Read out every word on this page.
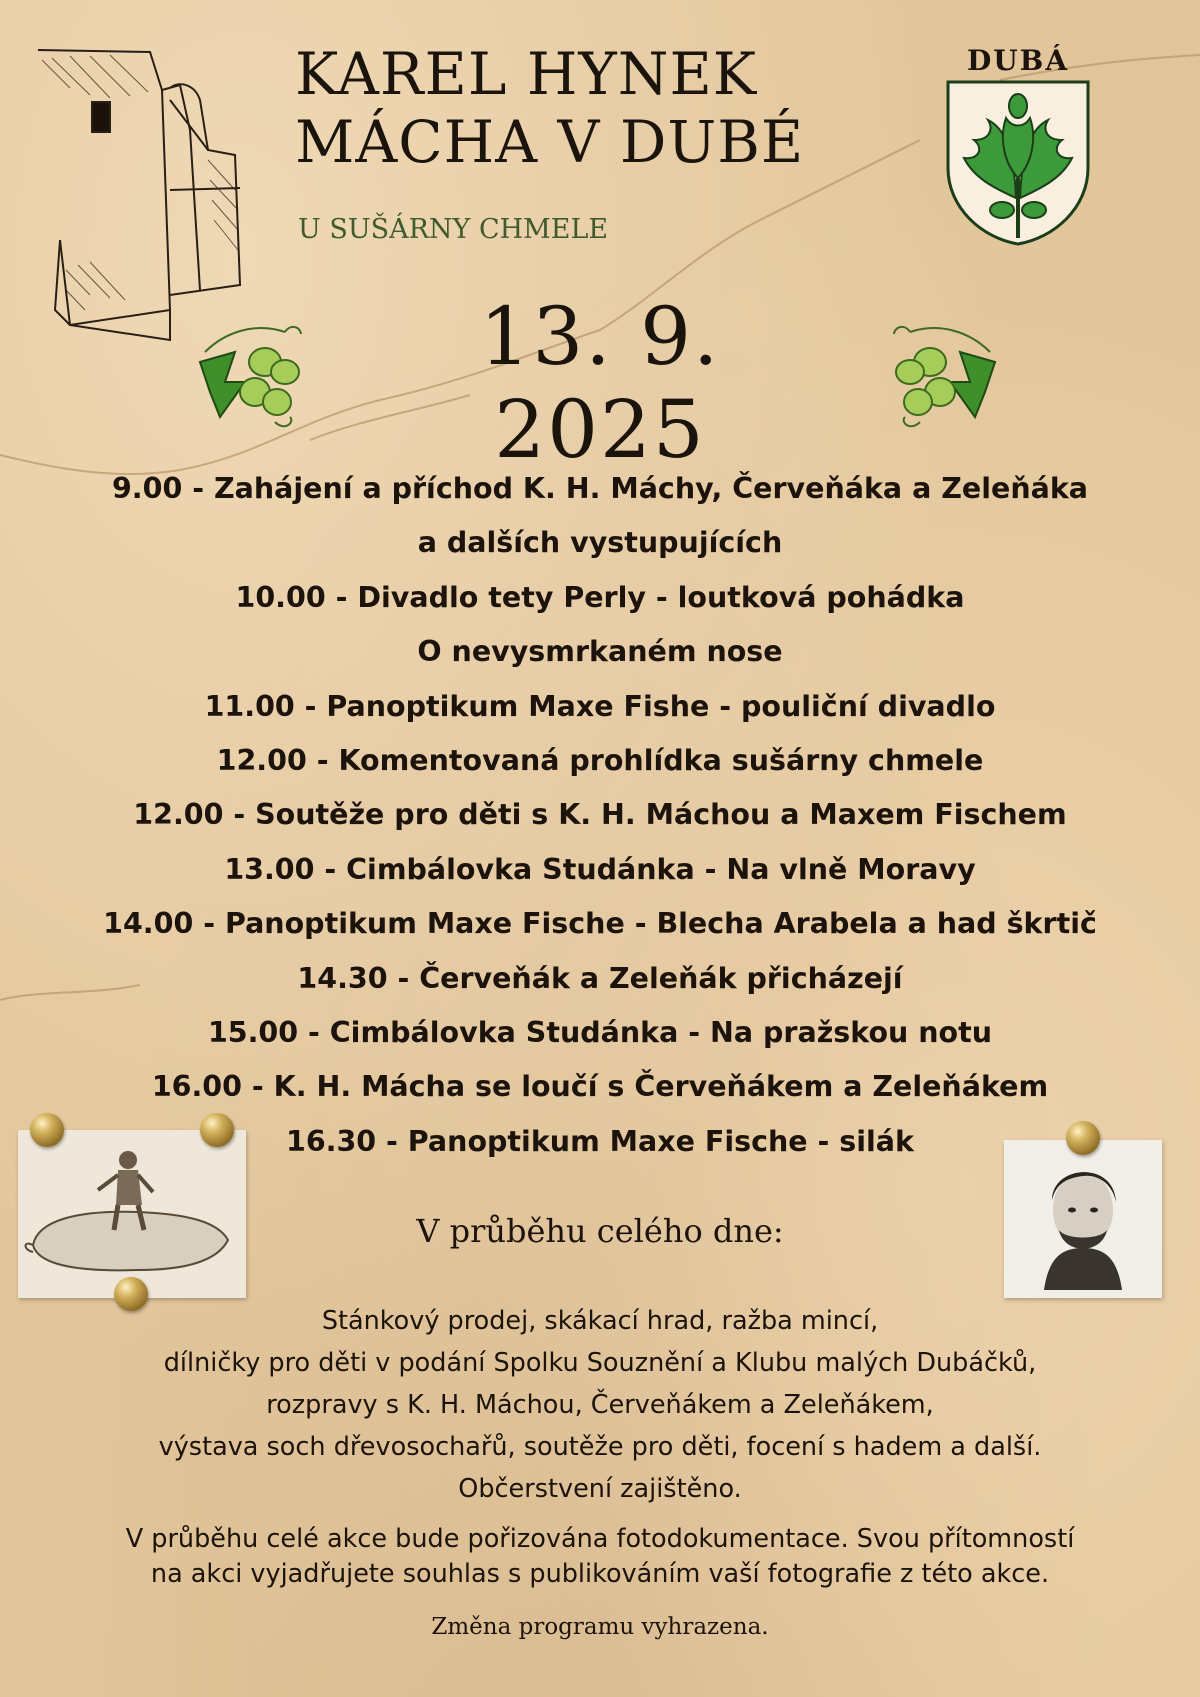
KAREL HYNEK
MÁCHA V DUBÉ
U SUŠÁRNY CHMELE
DUBÁ
13. 9. 2025
9.00 - Zahájení a příchod K. H. Máchy, Červeňáka a Zeleňáka
a dalších vystupujících
10.00 - Divadlo tety Perly - loutková pohádka
O nevysmrkaném nose
11.00 - Panoptikum Maxe Fishe - pouliční divadlo
12.00 - Komentovaná prohlídka sušárny chmele
12.00 - Soutěže pro děti s K. H. Máchou a Maxem Fischem
13.00 - Cimbálovka Studánka - Na vlně Moravy
14.00 - Panoptikum Maxe Fische - Blecha Arabela a had škrtič
14.30 - Červeňák a Zeleňák přicházejí
15.00 - Cimbálovka Studánka - Na pražskou notu
16.00 - K. H. Mácha se loučí s Červeňákem a Zeleňákem
16.30 - Panoptikum Maxe Fische - silák
V průběhu celého dne:
Stánkový prodej, skákací hrad, ražba mincí,
dílničky pro děti v podání Spolku Souznění a Klubu malých Dubáčků,
rozpravy s K. H. Máchou, Červeňákem a Zeleňákem,
výstava soch dřevosochařů, soutěže pro děti, focení s hadem a další.
Občerstvení zajištěno.
V průběhu celé akce bude pořizována fotodokumentace. Svou přítomností
na akci vyjadřujete souhlas s publikováním vaší fotografie z této akce.
Změna programu vyhrazena.
